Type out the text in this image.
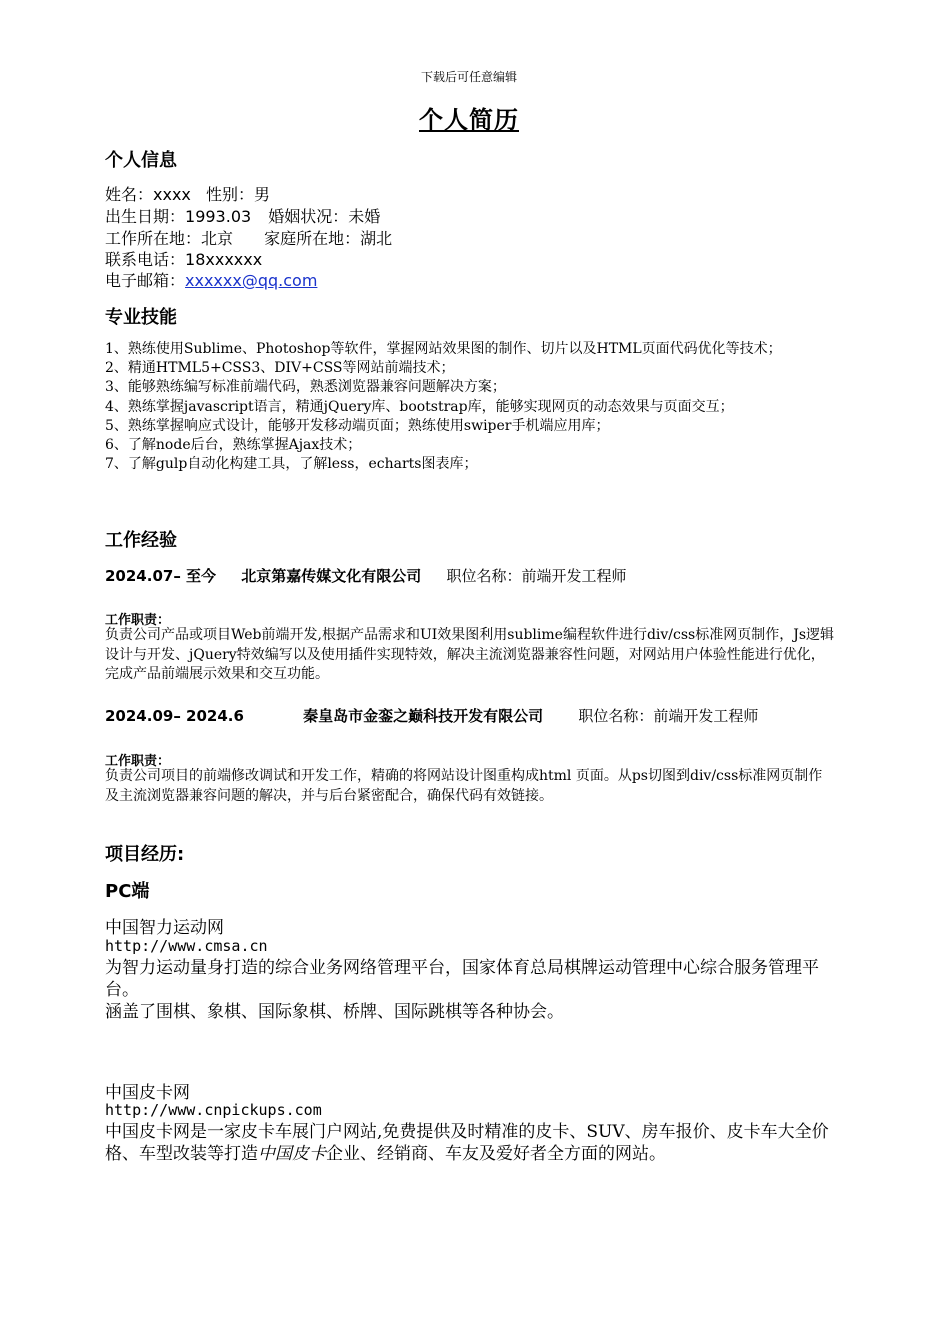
下载后可任意编辑
个人简历
个人信息
姓名：xxxx 性别：男
出生日期：1993.03 婚姻状况：未婚
工作所在地：北京 家庭所在地：湖北
联系电话：18xxxxxx
电子邮箱：xxxxxx@qq.com
专业技能
1、熟练使用Sublime、Photoshop等软件，掌握网站效果图的制作、切片以及HTML页面代码优化等技术；
2、精通HTML5+CSS3、DIV+CSS等网站前端技术；
3、能够熟练编写标准前端代码，熟悉浏览器兼容问题解决方案；
4、熟练掌握javascript语言，精通jQuery库、bootstrap库，能够实现网页的动态效果与页面交互；
5、熟练掌握响应式设计，能够开发移动端页面；熟练使用swiper手机端应用库；
6、了解node后台，熟练掌握Ajax技术；
7、了解gulp自动化构建工具，了解less，echarts图表库；
工作经验
2024.07– 至今 北京第嘉传媒文化有限公司 职位名称：前端开发工程师
工作职责：
负责公司产品或项目Web前端开发,根据产品需求和UI效果图利用sublime编程软件进行div/css标准网页制作，Js逻辑设计与开发、jQuery特效编写以及使用插件实现特效，解决主流浏览器兼容性问题，对网站用户体验性能进行优化，完成产品前端展示效果和交互功能。
2024.09– 2024.6	秦皇岛市金銮之巅科技开发有限公司 职位名称：前端开发工程师
工作职责：
负责公司项目的前端修改调试和开发工作，精确的将网站设计图重构成html 页面。从ps切图到div/css标准网页制作及主流浏览器兼容问题的解决，并与后台紧密配合，确保代码有效链接。
项目经历:
PC端
中国智力运动网
http://www.cmsa.cn
为智力运动量身打造的综合业务网络管理平台，国家体育总局棋牌运动管理中心综合服务管理平台。
涵盖了围棋、象棋、国际象棋、桥牌、国际跳棋等各种协会。
中国皮卡网
http://www.cnpickups.com
中国皮卡网是一家皮卡车展门户网站,免费提供及时精准的皮卡、SUV、房车报价、皮卡车大全价格、车型改装等打造中国皮卡企业、经销商、车友及爱好者全方面的网站。
